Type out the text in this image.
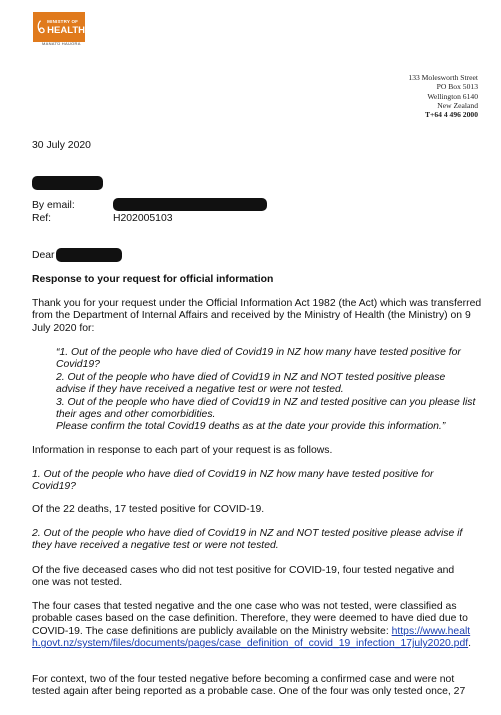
MINISTRY OF
HEALTH
MANATŪ HAUORA
133 Molesworth Street
PO Box 5013
Wellington 6140
New Zealand
T+64 4 496 2000
30 July 2020
By email:
Ref:	H202005103
Dear
Response to your request for official information
Thank you for your request under the Official Information Act 1982 (the Act) which was transferred from the Department of Internal Affairs and received by the Ministry of Health (the Ministry) on 9 July 2020 for:
“1. Out of the people who have died of Covid19 in NZ how many have tested positive for Covid19?
2. Out of the people who have died of Covid19 in NZ and NOT tested positive please advise if they have received a negative test or were not tested.
3. Out of the people who have died of Covid19 in NZ and tested positive can you please list their ages and other comorbidities.
Please confirm the total Covid19 deaths as at the date your provide this information.”
Information in response to each part of your request is as follows.
1. Out of the people who have died of Covid19 in NZ how many have tested positive for Covid19?
Of the 22 deaths, 17 tested positive for COVID-19.
2. Out of the people who have died of Covid19 in NZ and NOT tested positive please advise if they have received a negative test or were not tested.
Of the five deceased cases who did not test positive for COVID-19, four tested negative and one was not tested.
The four cases that tested negative and the one case who was not tested, were classified as probable cases based on the case definition. Therefore, they were deemed to have died due to COVID-19. The case definitions are publicly available on the Ministry website: https://www.health.govt.nz/system/files/documents/pages/case_definition_of_covid_19_infection_17july2020.pdf.
For context, two of the four tested negative before becoming a confirmed case and were not tested again after being reported as a probable case. One of the four was only tested once, 27
